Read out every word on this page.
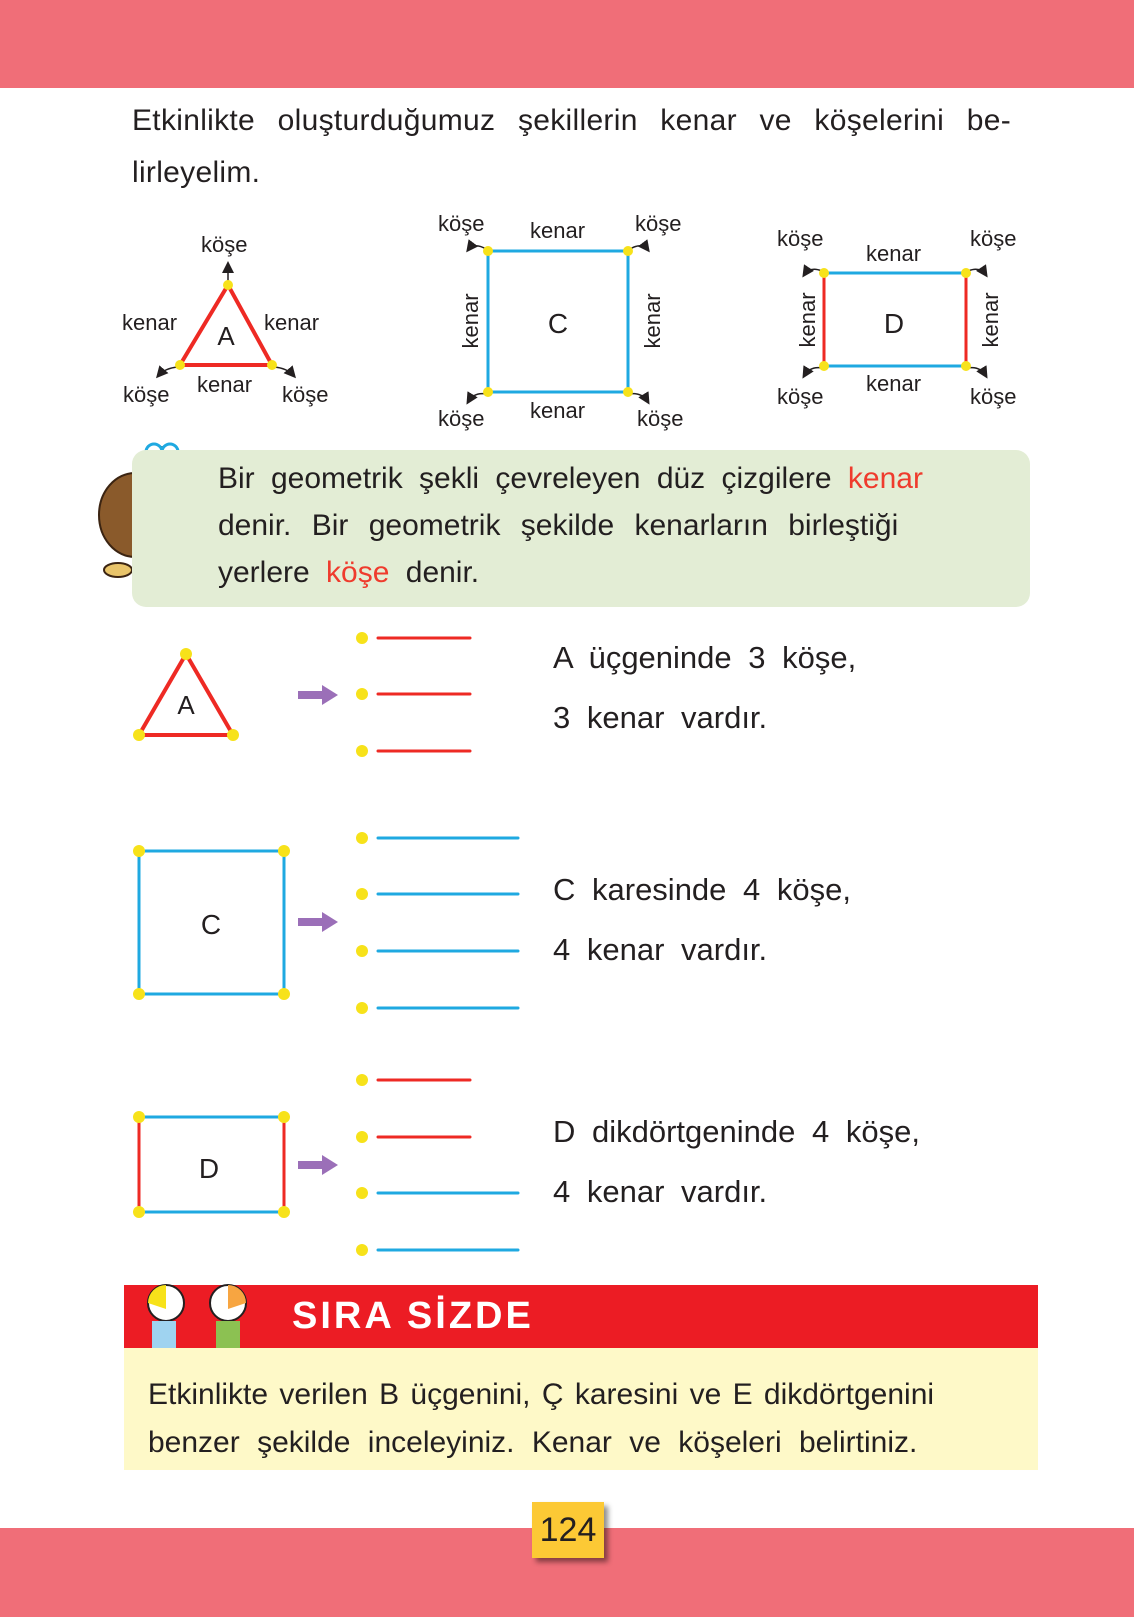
Etkinlikte oluşturduğumuz şekillerin kenar ve köşelerini be-
lirleyelim.
A	C	D
kenar	kenar	kenar	kenar
A
C
D
köşe
kenar	kenar
kenar
köşe	köşe
köşe kenar köşe
kenar
köşe	köşe
köşe
kenar
köşe
kenar
köşe	köşe
Bir geometrik şekli çevreleyen düz çizgilere kenar
denir. Bir geometrik şekilde kenarların birleştiği
yerlere köşe denir.
A üçgeninde 3 köşe,
3 kenar vardır.
C karesinde 4 köşe,
4 kenar vardır.
D dikdörtgeninde 4 köşe,
4 kenar vardır.
SIRA SİZDE
Etkinlikte verilen B üçgenini, Ç karesini ve E dikdörtgenini
benzer şekilde inceleyiniz. Kenar ve köşeleri belirtiniz.
124
